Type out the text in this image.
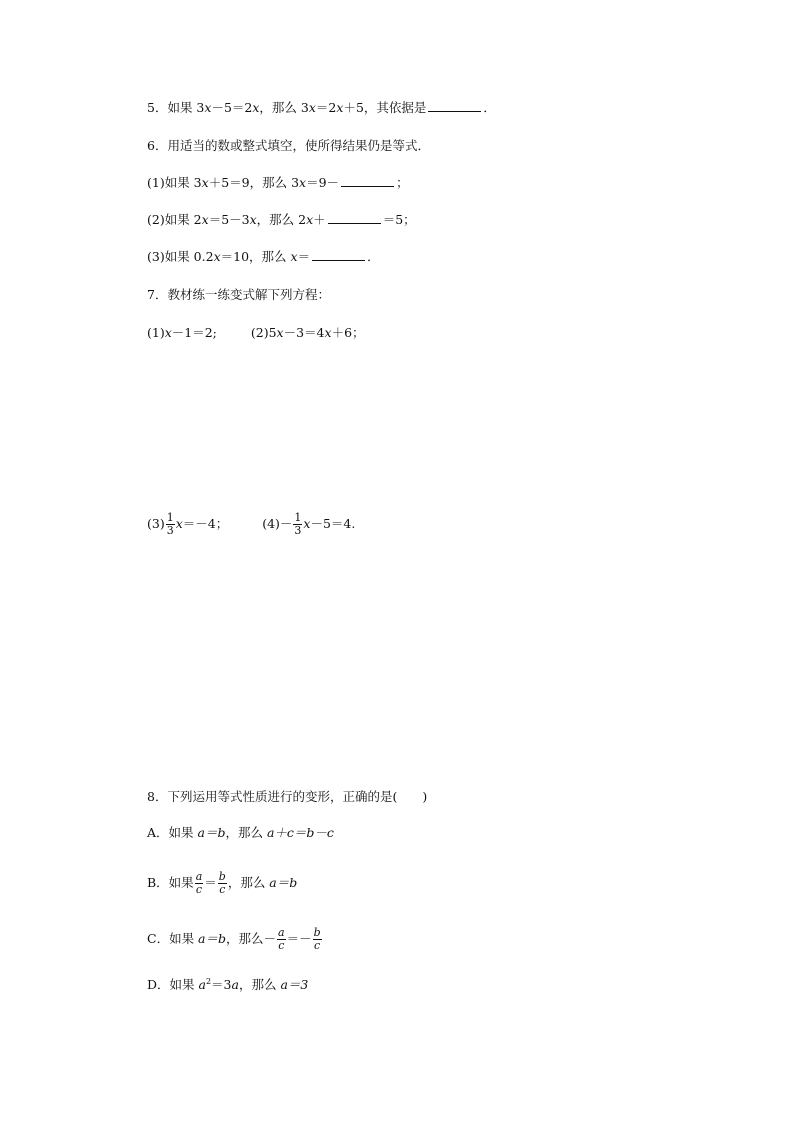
5．如果 3x－5＝2x，那么 3x＝2x＋5，其依据是	．
6．用适当的数或整式填空，使所得结果仍是等式．
(1)如果 3x＋5＝9，那么 3x＝9－	；
(2)如果 2x＝5－3x，那么 2x＋	＝5；
(3)如果 0.2x＝10，那么 x＝	．
7．教材练一练变式解下列方程：
(1)x－1＝2;	(2)5x－3＝4x＋6；
$(3) \frac{1}{3} x=-4$；	$(4)- \frac{1}{3} x-5=4$.
8．下列运用等式性质进行的变形，正确的是(　　)
A．如果 a＝b，那么 a＋c＝b－c
B．如果 $\frac{a}{c} = \frac{b}{c}$ ，那么 a＝b
C．如果 a＝b，那么－ $\frac{a}{c} =- \frac{b}{c}$
D．如果 $a^2=3a$，那么 a＝3
